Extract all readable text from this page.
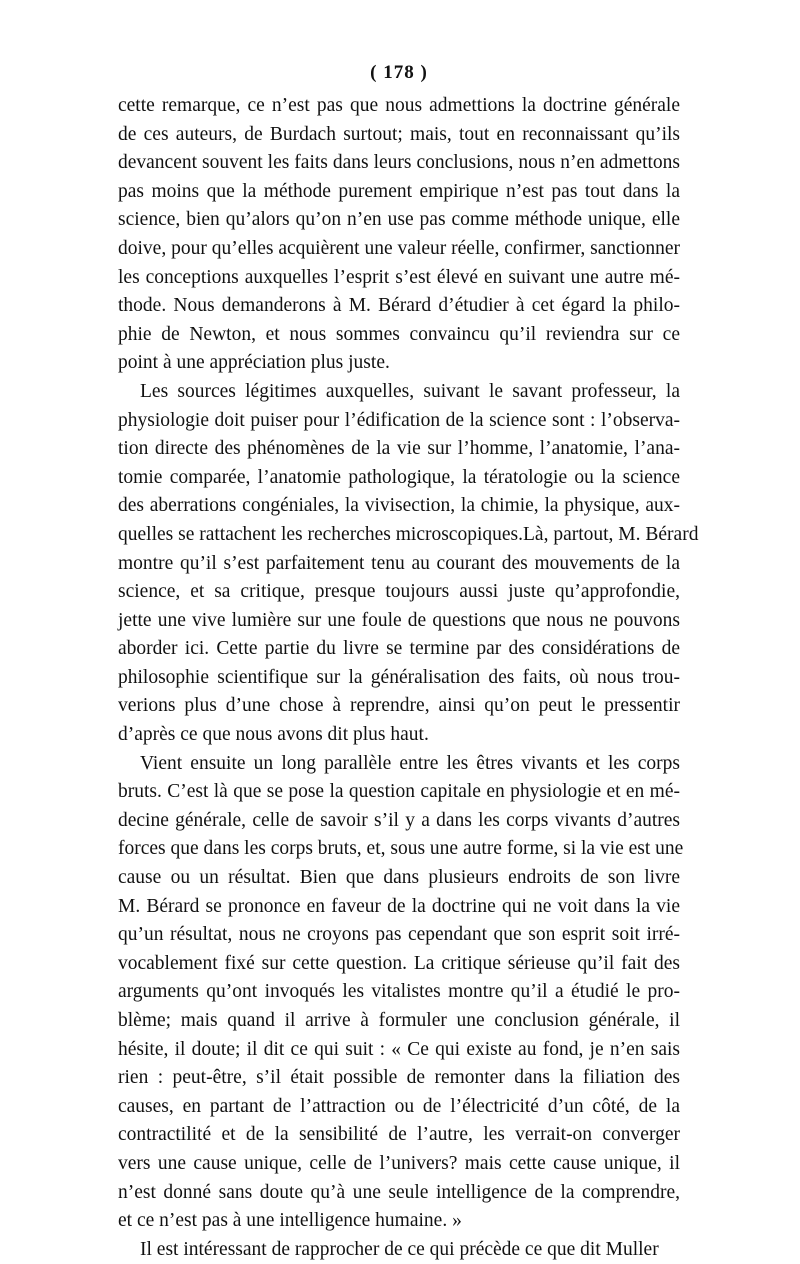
( 178 )

cette remarque, ce n’est pas que nous admettions la doctrine générale
de ces auteurs, de Burdach surtout; mais, tout en reconnaissant qu’ils
devancent souvent les faits dans leurs conclusions, nous n’en admettons
pas moins que la méthode purement empirique n’est pas tout dans la
science, bien qu’alors qu’on n’en use pas comme méthode unique, elle
doive, pour qu’elles acquièrent une valeur réelle, confirmer, sanctionner
les conceptions auxquelles l’esprit s’est élevé en suivant une autre mé-
thode. Nous demanderons à M. Bérard d’étudier à cet égard la philo-
phie de Newton, et nous sommes convaincu qu’il reviendra sur ce
point à une appréciation plus juste.

Les sources légitimes auxquelles, suivant le savant professeur, la
physiologie doit puiser pour l’édification de la science sont : l’observa-
tion directe des phénomènes de la vie sur l’homme, l’anatomie, l’ana-
tomie comparée, l’anatomie pathologique, la tératologie ou la science
des aberrations congéniales, la vivisection, la chimie, la physique, aux-
quelles se rattachent les recherches microscopiques.Là, partout, M. Bérard
montre qu’il s’est parfaitement tenu au courant des mouvements de la
science, et sa critique, presque toujours aussi juste qu’approfondie,
jette une vive lumière sur une foule de questions que nous ne pouvons
aborder ici. Cette partie du livre se termine par des considérations de
philosophie scientifique sur la généralisation des faits, où nous trou-
verions plus d’une chose à reprendre, ainsi qu’on peut le pressentir
d’après ce que nous avons dit plus haut.

Vient ensuite un long parallèle entre les êtres vivants et les corps
bruts. C’est là que se pose la question capitale en physiologie et en mé-
decine générale, celle de savoir s’il y a dans les corps vivants d’autres
forces que dans les corps bruts, et, sous une autre forme, si la vie est une
cause ou un résultat. Bien que dans plusieurs endroits de son livre
M. Bérard se prononce en faveur de la doctrine qui ne voit dans la vie
qu’un résultat, nous ne croyons pas cependant que son esprit soit irré-
vocablement fixé sur cette question. La critique sérieuse qu’il fait des
arguments qu’ont invoqués les vitalistes montre qu’il a étudié le pro-
blème; mais quand il arrive à formuler une conclusion générale, il
hésite, il doute; il dit ce qui suit : « Ce qui existe au fond, je n’en sais
rien : peut-être, s’il était possible de remonter dans la filiation des
causes, en partant de l’attraction ou de l’électricité d’un côté, de la
contractilité et de la sensibilité de l’autre, les verrait-on converger
vers une cause unique, celle de l’univers? mais cette cause unique, il
n’est donné sans doute qu’à une seule intelligence de la comprendre,
et ce n’est pas à une intelligence humaine. »

Il est intéressant de rapprocher de ce qui précède ce que dit Muller
